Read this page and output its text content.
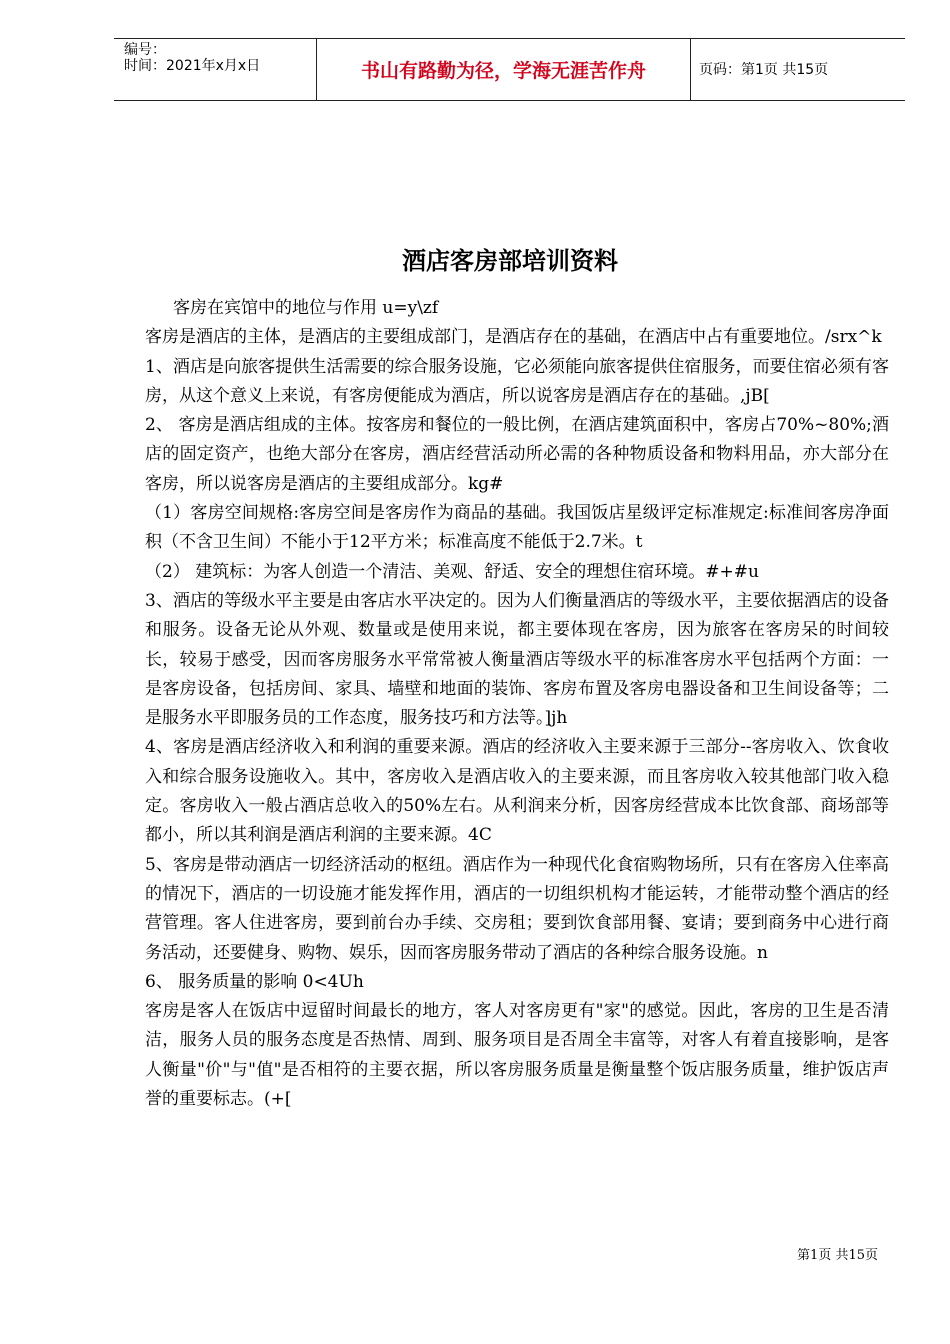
编号：
时间：2021年x月x日	书山有路勤为径，学海无涯苦作舟	页码：第1页 共15页
酒店客房部培训资料

客房在宾馆中的地位与作用 u=y\zf

客房是酒店的主体，是酒店的主要组成部门，是酒店存在的基础，在酒店中占有重要地位。/srx^k

1、酒店是向旅客提供生活需要的综合服务设施，它必须能向旅客提供住宿服务，而要住宿必须有客房，从这个意义上来说，有客房便能成为酒店，所以说客房是酒店存在的基础。,jB[

2、 客房是酒店组成的主体。按客房和餐位的一般比例，在酒店建筑面积中，客房占70%~80%;酒店的固定资产，也绝大部分在客房，酒店经营活动所必需的各种物质设备和物料用品，亦大部分在客房，所以说客房是酒店的主要组成部分。kg#

（1）客房空间规格:客房空间是客房作为商品的基础。我国饭店星级评定标准规定:标准间客房净面积（不含卫生间）不能小于12平方米；标准高度不能低于2.7米。t

（2） 建筑标：为客人创造一个清洁、美观、舒适、安全的理想住宿环境。#+#u

3、酒店的等级水平主要是由客店水平决定的。因为人们衡量酒店的等级水平，主要依据酒店的设备和服务。设备无论从外观、数量或是使用来说，都主要体现在客房，因为旅客在客房呆的时间较长，较易于感受，因而客房服务水平常常被人衡量酒店等级水平的标准客房水平包括两个方面：一是客房设备，包括房间、家具、墙壁和地面的装饰、客房布置及客房电器设备和卫生间设备等；二是服务水平即服务员的工作态度，服务技巧和方法等。]jh

4、客房是酒店经济收入和利润的重要来源。酒店的经济收入主要来源于三部分--客房收入、饮食收入和综合服务设施收入。其中，客房收入是酒店收入的主要来源，而且客房收入较其他部门收入稳定。客房收入一般占酒店总收入的50%左右。从利润来分析，因客房经营成本比饮食部、商场部等都小，所以其利润是酒店利润的主要来源。4C

5、客房是带动酒店一切经济活动的枢纽。酒店作为一种现代化食宿购物场所，只有在客房入住率高的情况下，酒店的一切设施才能发挥作用，酒店的一切组织机构才能运转，才能带动整个酒店的经营管理。客人住进客房，要到前台办手续、交房租；要到饮食部用餐、宴请；要到商务中心进行商务活动，还要健身、购物、娱乐，因而客房服务带动了酒店的各种综合服务设施。n

6、 服务质量的影响 0<4Uh

客房是客人在饭店中逗留时间最长的地方，客人对客房更有"家"的感觉。因此，客房的卫生是否清洁，服务人员的服务态度是否热情、周到、服务项目是否周全丰富等，对客人有着直接影响，是客人衡量"价"与"值"是否相符的主要衣据，所以客房服务质量是衡量整个饭店服务质量，维护饭店声誉的重要标志。(+[

第1页 共15页
